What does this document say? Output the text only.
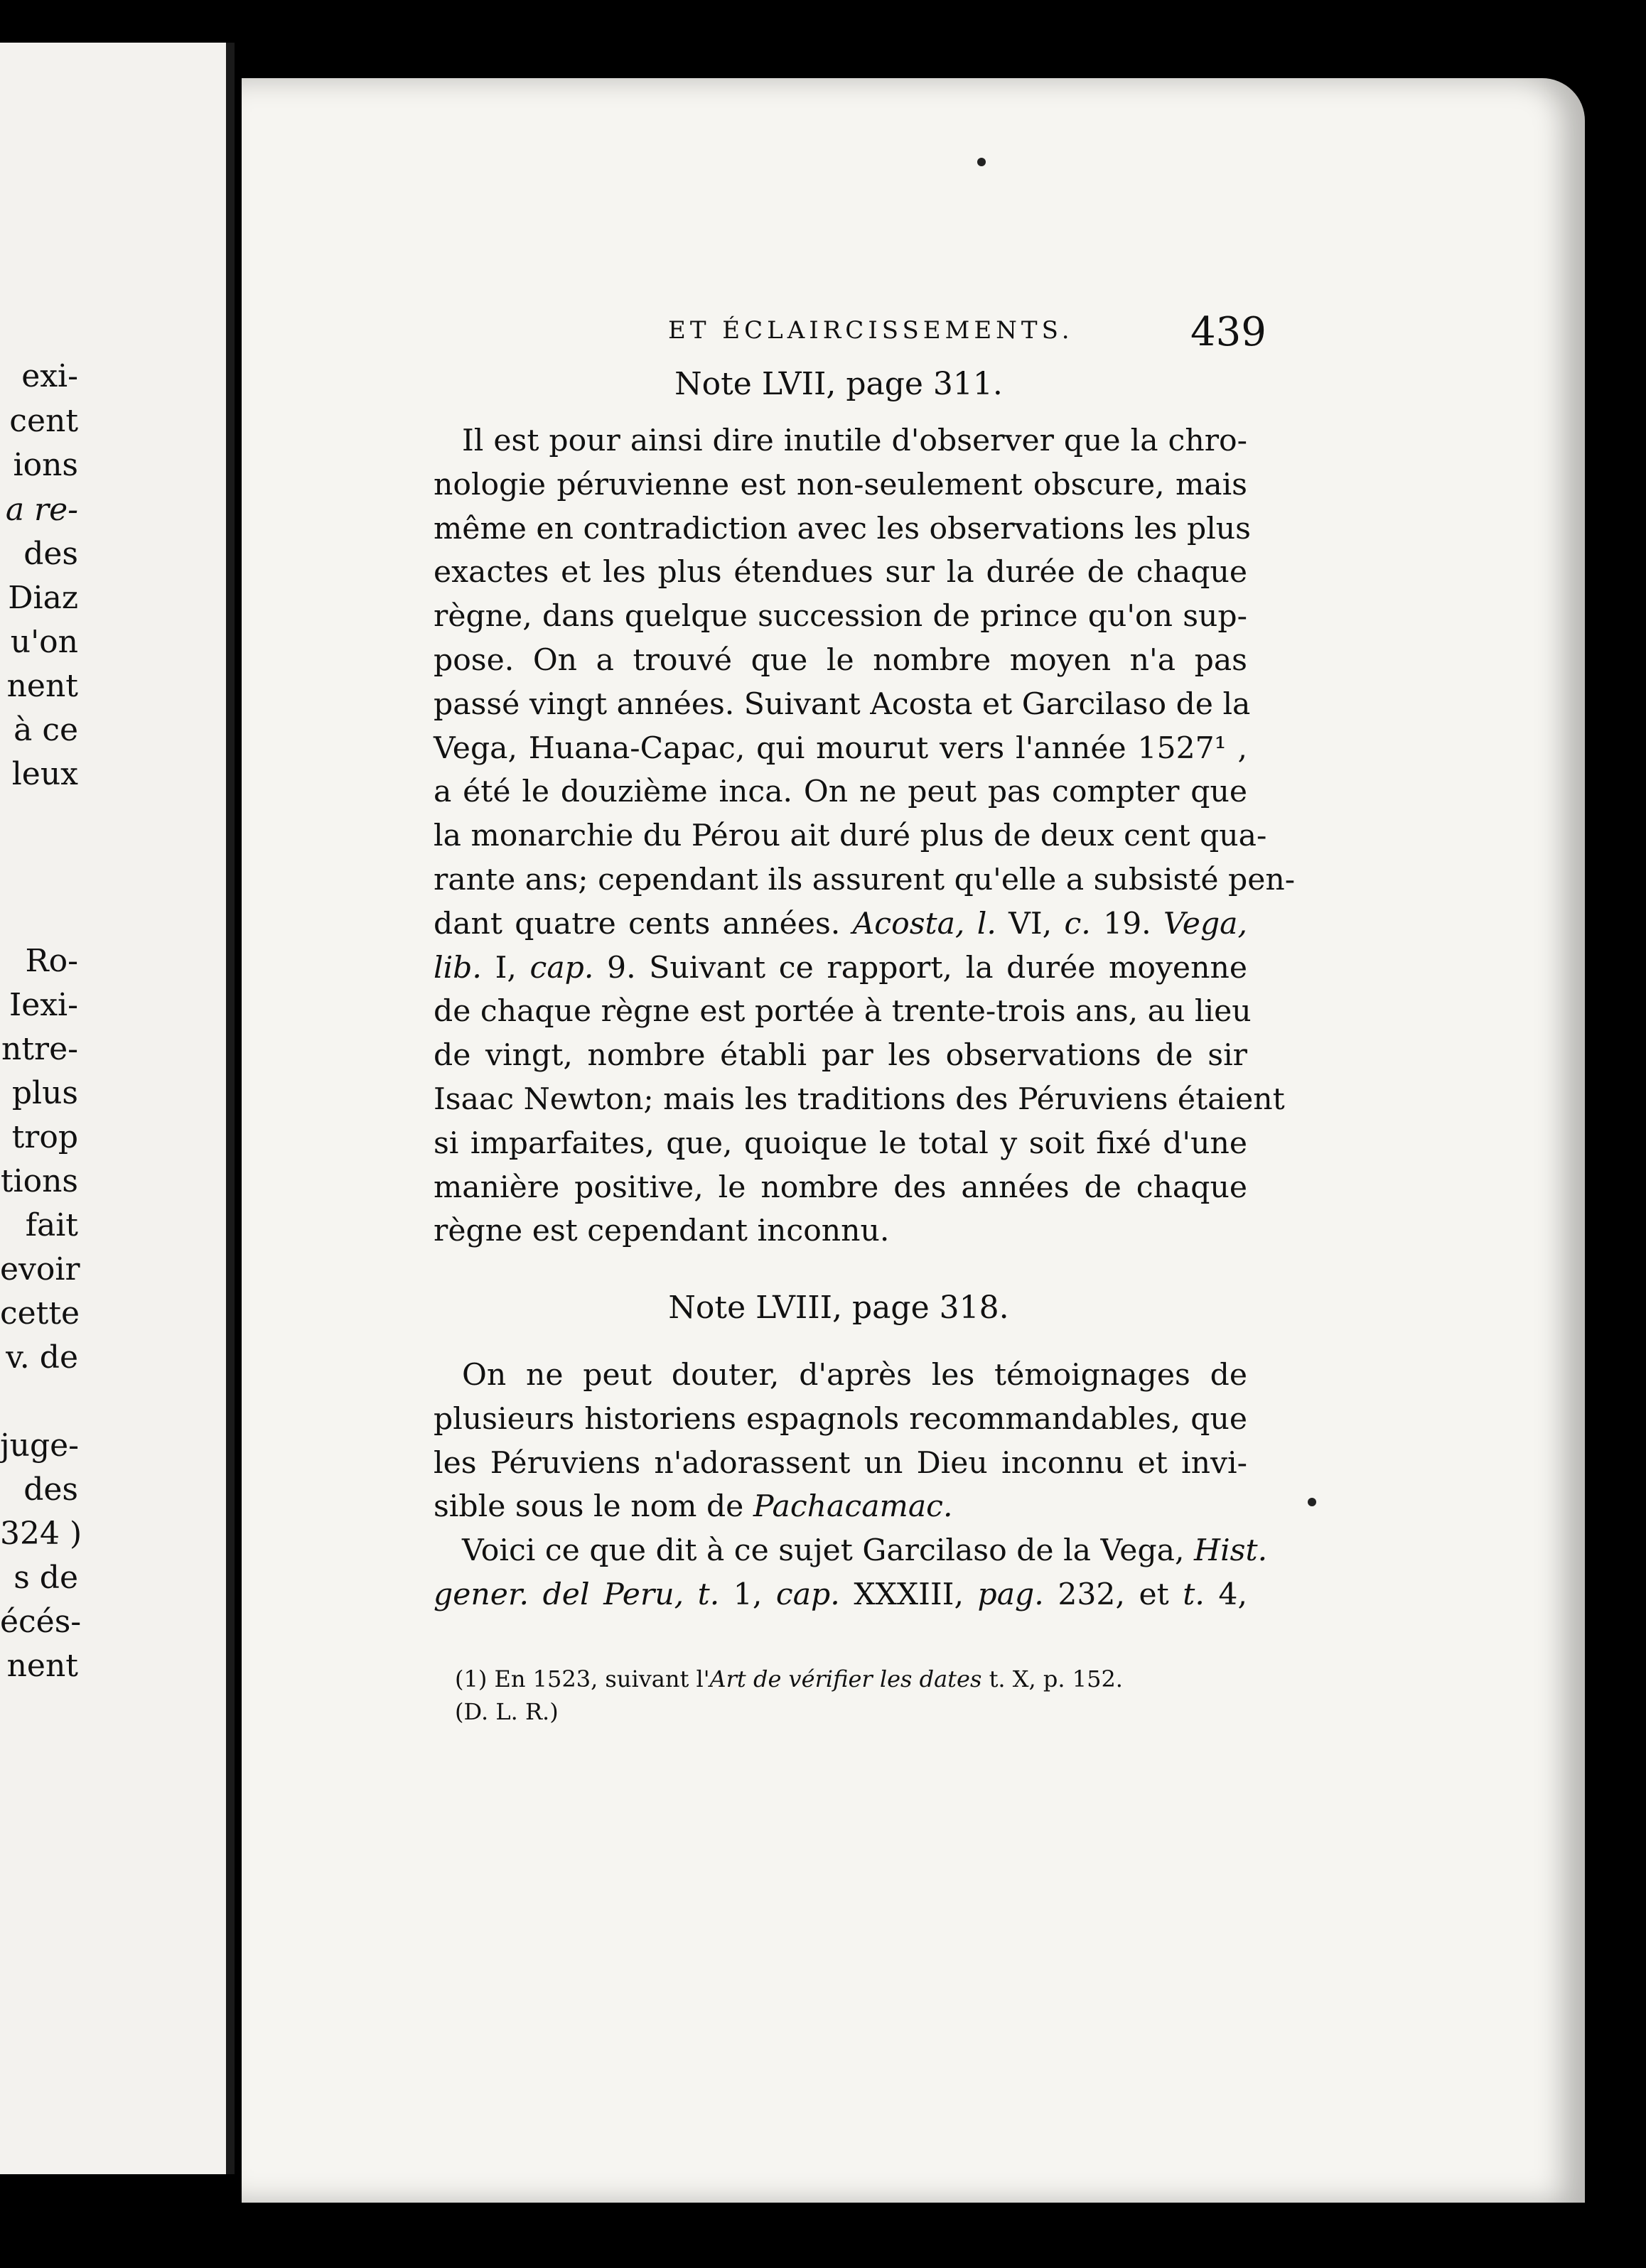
exi-
cent
ions
a re-
des
Diaz
u'on
nent
à ce
leux
Ro-
Iexi-
ntre-
plus
trop
tions
fait
evoir
cette
v. de
juge-
des
324 )
s de
écés-
nent
ET ÉCLAIRCISSEMENTS.	439
Note LVII, page 311.
Il est pour ainsi dire inutile d'observer que la chro-
nologie péruvienne est non-seulement obscure, mais
même en contradiction avec les observations les plus
exactes et les plus étendues sur la durée de chaque
règne, dans quelque succession de prince qu'on sup-
pose. On a trouvé que le nombre moyen n'a pas
passé vingt années. Suivant Acosta et Garcilaso de la
Vega, Huana-Capac, qui mourut vers l'année 1527¹ ,
a été le douzième inca. On ne peut pas compter que
la monarchie du Pérou ait duré plus de deux cent qua-
rante ans; cependant ils assurent qu'elle a subsisté pen-
dant quatre cents années. Acosta, l. VI, c. 19. Vega,
lib. I, cap. 9. Suivant ce rapport, la durée moyenne
de chaque règne est portée à trente-trois ans, au lieu
de vingt, nombre établi par les observations de sir
Isaac Newton; mais les traditions des Péruviens étaient
si imparfaites, que, quoique le total y soit fixé d'une
manière positive, le nombre des années de chaque
règne est cependant inconnu.
Note LVIII, page 318.
On ne peut douter, d'après les témoignages de
plusieurs historiens espagnols recommandables, que
les Péruviens n'adorassent un Dieu inconnu et invi-
sible sous le nom de Pachacamac.
Voici ce que dit à ce sujet Garcilaso de la Vega, Hist.
gener. del Peru, t. 1, cap. XXXIII, pag. 232, et t. 4,
(1) En 1523, suivant l'Art de vérifier les dates t. X, p. 152.
(D. L. R.)
